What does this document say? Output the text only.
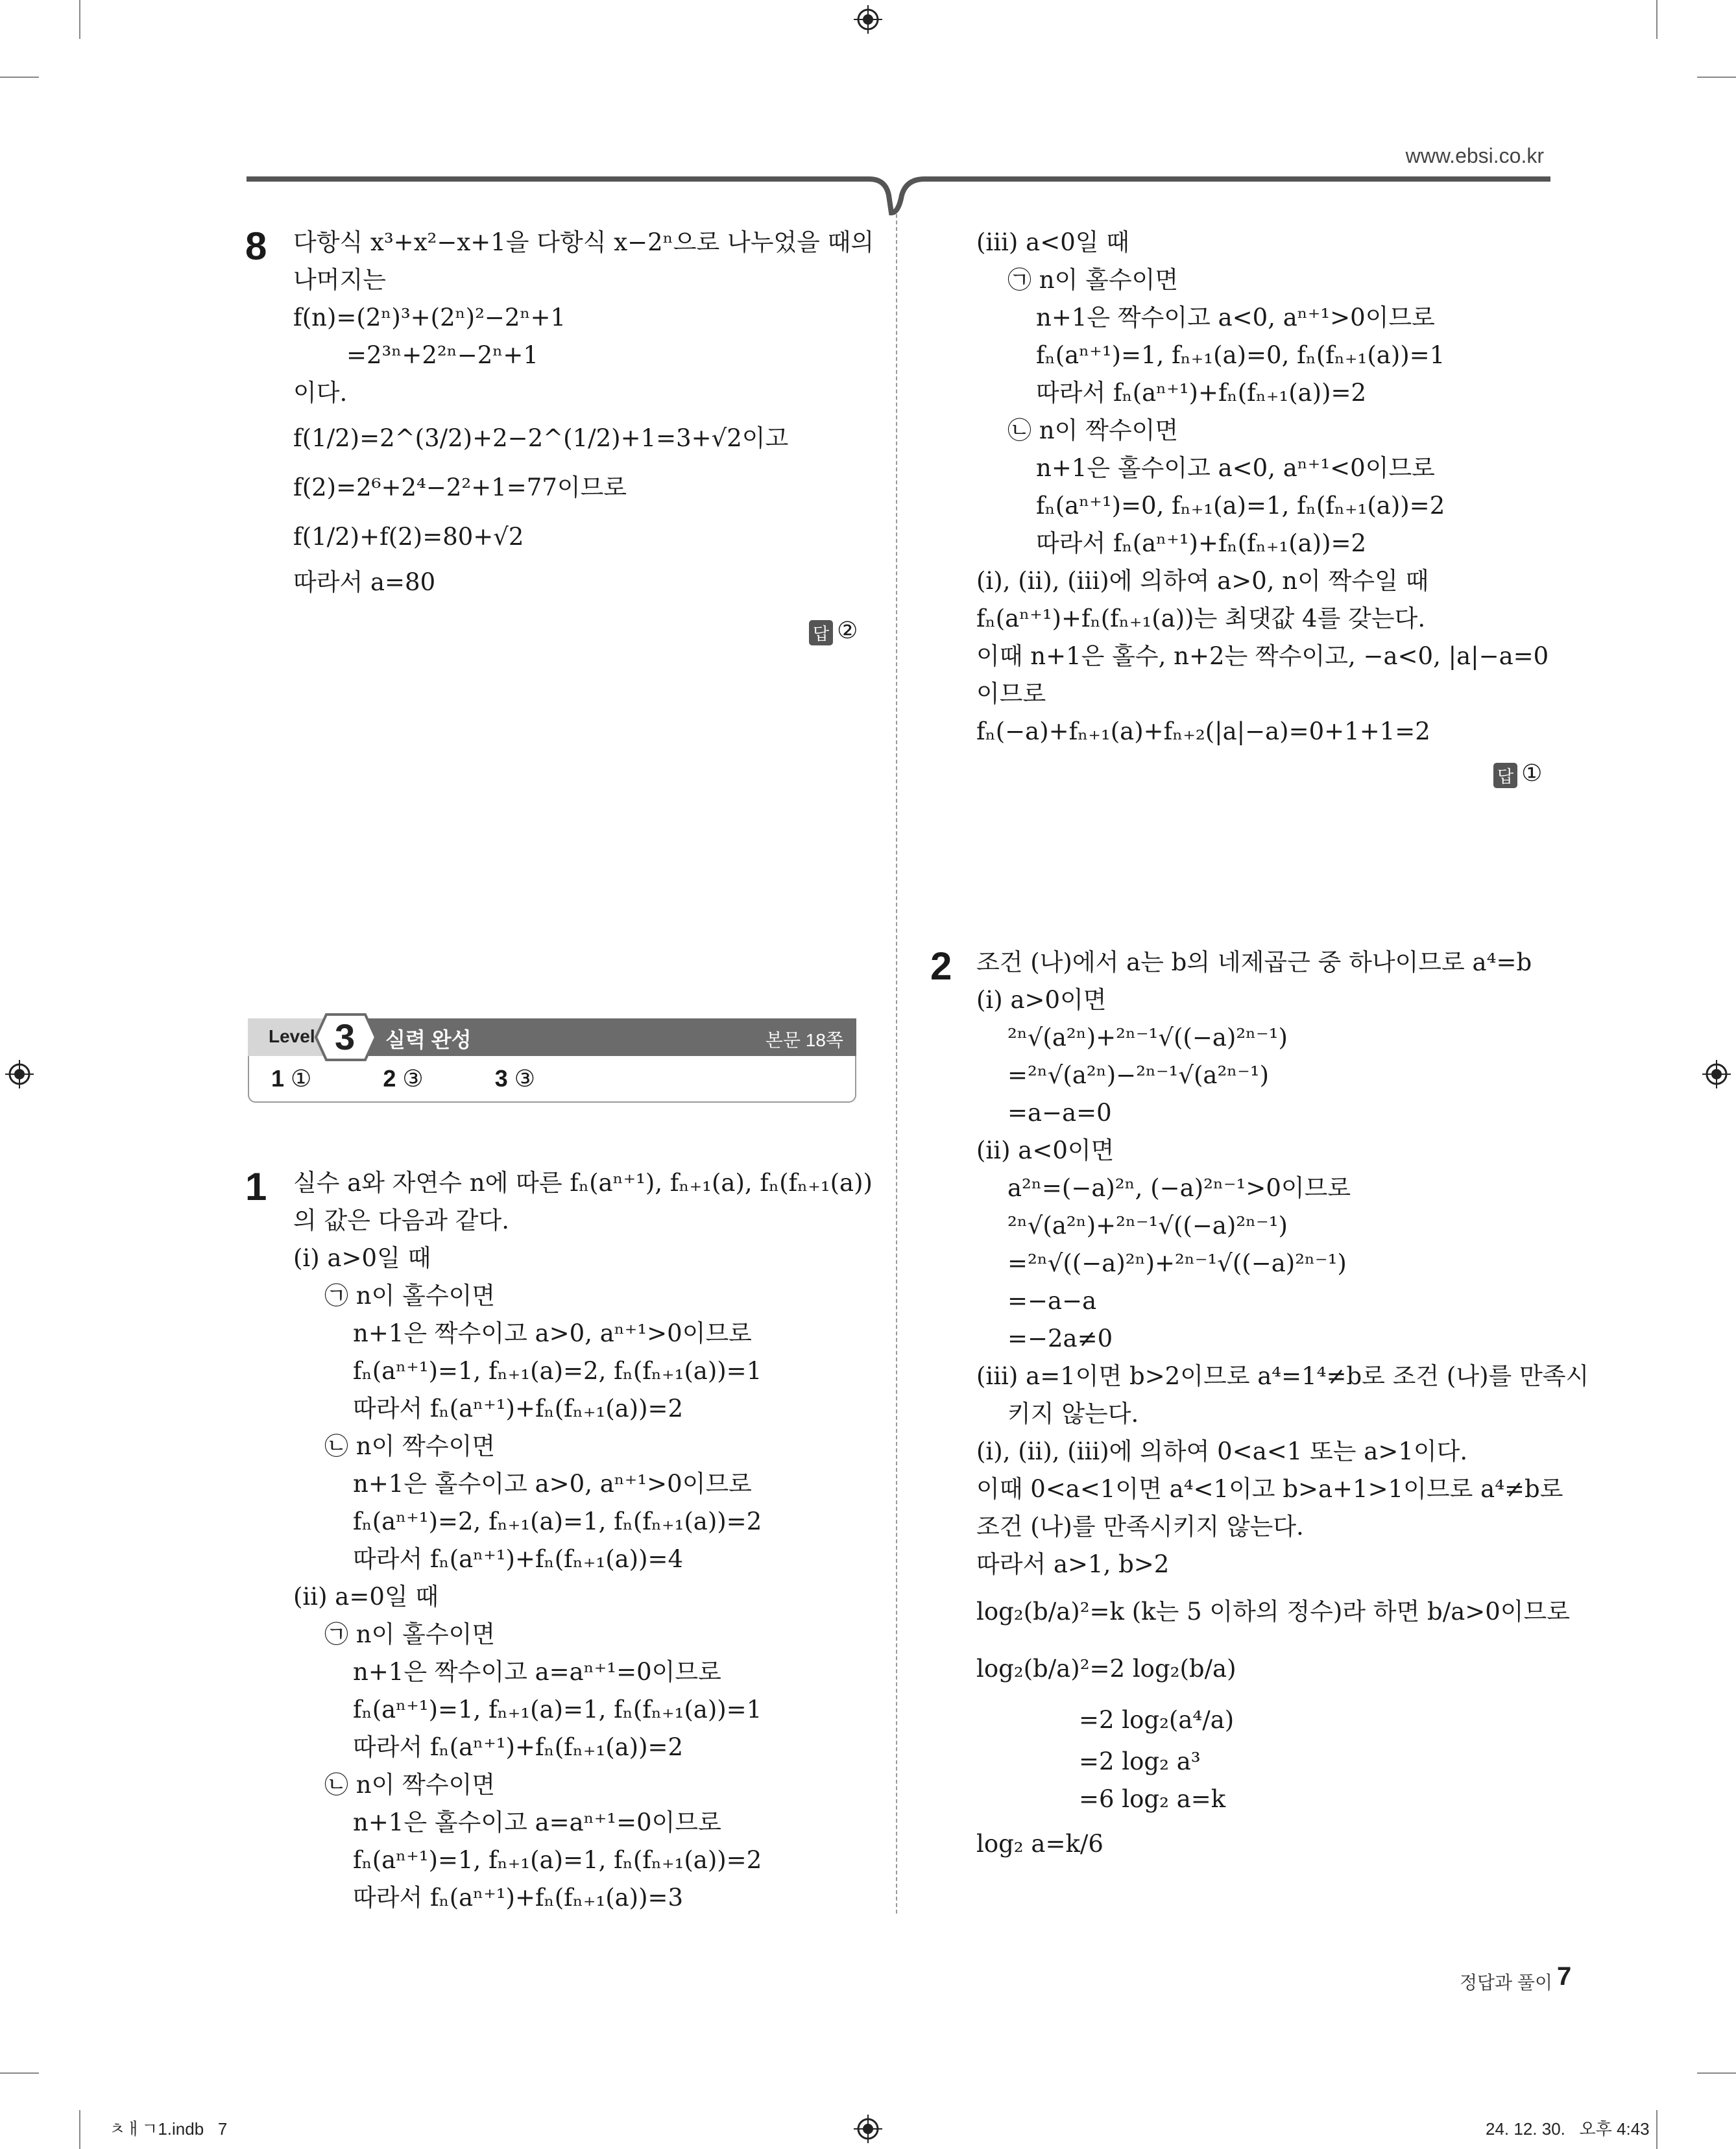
www.ebsi.co.kr
8 다항식 x³+x²−x+1을 다항식 x−2ⁿ으로 나누었을 때의
나머지는
f(n)=(2ⁿ)³+(2ⁿ)²−2ⁿ+1
=2³ⁿ+2²ⁿ−2ⁿ+1
이다.
f(1/2)=2^(3/2)+2−2^(1/2)+1=3+√2이고
f(2)=2⁶+2⁴−2²+1=77이므로
f(1/2)+f(2)=80+√2
따라서 a=80
답 ②
Level 3 실력 완성	본문 18쪽
1 ①	2 ③	3 ③
1 실수 a와 자연수 n에 따른 fₙ(aⁿ⁺¹), fₙ₊₁(a), fₙ(fₙ₊₁(a))
의 값은 다음과 같다.
(ⅰ) a>0일 때
㉠ n이 홀수이면
n+1은 짝수이고 a>0, aⁿ⁺¹>0이므로
fₙ(aⁿ⁺¹)=1, fₙ₊₁(a)=2, fₙ(fₙ₊₁(a))=1
따라서 fₙ(aⁿ⁺¹)+fₙ(fₙ₊₁(a))=2
㉡ n이 짝수이면
n+1은 홀수이고 a>0, aⁿ⁺¹>0이므로
fₙ(aⁿ⁺¹)=2, fₙ₊₁(a)=1, fₙ(fₙ₊₁(a))=2
따라서 fₙ(aⁿ⁺¹)+fₙ(fₙ₊₁(a))=4
(ⅱ) a=0일 때
㉠ n이 홀수이면
n+1은 짝수이고 a=aⁿ⁺¹=0이므로
fₙ(aⁿ⁺¹)=1, fₙ₊₁(a)=1, fₙ(fₙ₊₁(a))=1
따라서 fₙ(aⁿ⁺¹)+fₙ(fₙ₊₁(a))=2
㉡ n이 짝수이면
n+1은 홀수이고 a=aⁿ⁺¹=0이므로
fₙ(aⁿ⁺¹)=1, fₙ₊₁(a)=1, fₙ(fₙ₊₁(a))=2
따라서 fₙ(aⁿ⁺¹)+fₙ(fₙ₊₁(a))=3
(ⅲ) a<0일 때
㉠ n이 홀수이면
n+1은 짝수이고 a<0, aⁿ⁺¹>0이므로
fₙ(aⁿ⁺¹)=1, fₙ₊₁(a)=0, fₙ(fₙ₊₁(a))=1
따라서 fₙ(aⁿ⁺¹)+fₙ(fₙ₊₁(a))=2
㉡ n이 짝수이면
n+1은 홀수이고 a<0, aⁿ⁺¹<0이므로
fₙ(aⁿ⁺¹)=0, fₙ₊₁(a)=1, fₙ(fₙ₊₁(a))=2
따라서 fₙ(aⁿ⁺¹)+fₙ(fₙ₊₁(a))=2
(ⅰ), (ⅱ), (ⅲ)에 의하여 a>0, n이 짝수일 때
fₙ(aⁿ⁺¹)+fₙ(fₙ₊₁(a))는 최댓값 4를 갖는다.
이때 n+1은 홀수, n+2는 짝수이고, −a<0, |a|−a=0
이므로
fₙ(−a)+fₙ₊₁(a)+fₙ₊₂(|a|−a)=0+1+1=2
답 ①
2 조건 (나)에서 a는 b의 네제곱근 중 하나이므로 a⁴=b
(ⅰ) a>0이면
²ⁿ√(a²ⁿ)+²ⁿ⁻¹√((−a)²ⁿ⁻¹)
=²ⁿ√(a²ⁿ)−²ⁿ⁻¹√(a²ⁿ⁻¹)
=a−a=0
(ⅱ) a<0이면
a²ⁿ=(−a)²ⁿ, (−a)²ⁿ⁻¹>0이므로
²ⁿ√(a²ⁿ)+²ⁿ⁻¹√((−a)²ⁿ⁻¹)
=²ⁿ√((−a)²ⁿ)+²ⁿ⁻¹√((−a)²ⁿ⁻¹)
=−a−a
=−2a≠0
(ⅲ) a=1이면 b>2이므로 a⁴=1⁴≠b로 조건 (나)를 만족시
키지 않는다.
(ⅰ), (ⅱ), (ⅲ)에 의하여 0<a<1 또는 a>1이다.
이때 0<a<1이면 a⁴<1이고 b>a+1>1이므로 a⁴≠b로
조건 (나)를 만족시키지 않는다.
따라서 a>1, b>2
log₂(b/a)²=k (k는 5 이하의 정수)라 하면 b/a>0이므로
log₂(b/a)²=2 log₂(b/a)
=2 log₂(a⁴/a)
=2 log₂ a³
=6 log₂ a=k
log₂ a=k/6
정답과 풀이 7
ㅊㅐㄱ1.indb   7	24. 12. 30.   오후 4:43
